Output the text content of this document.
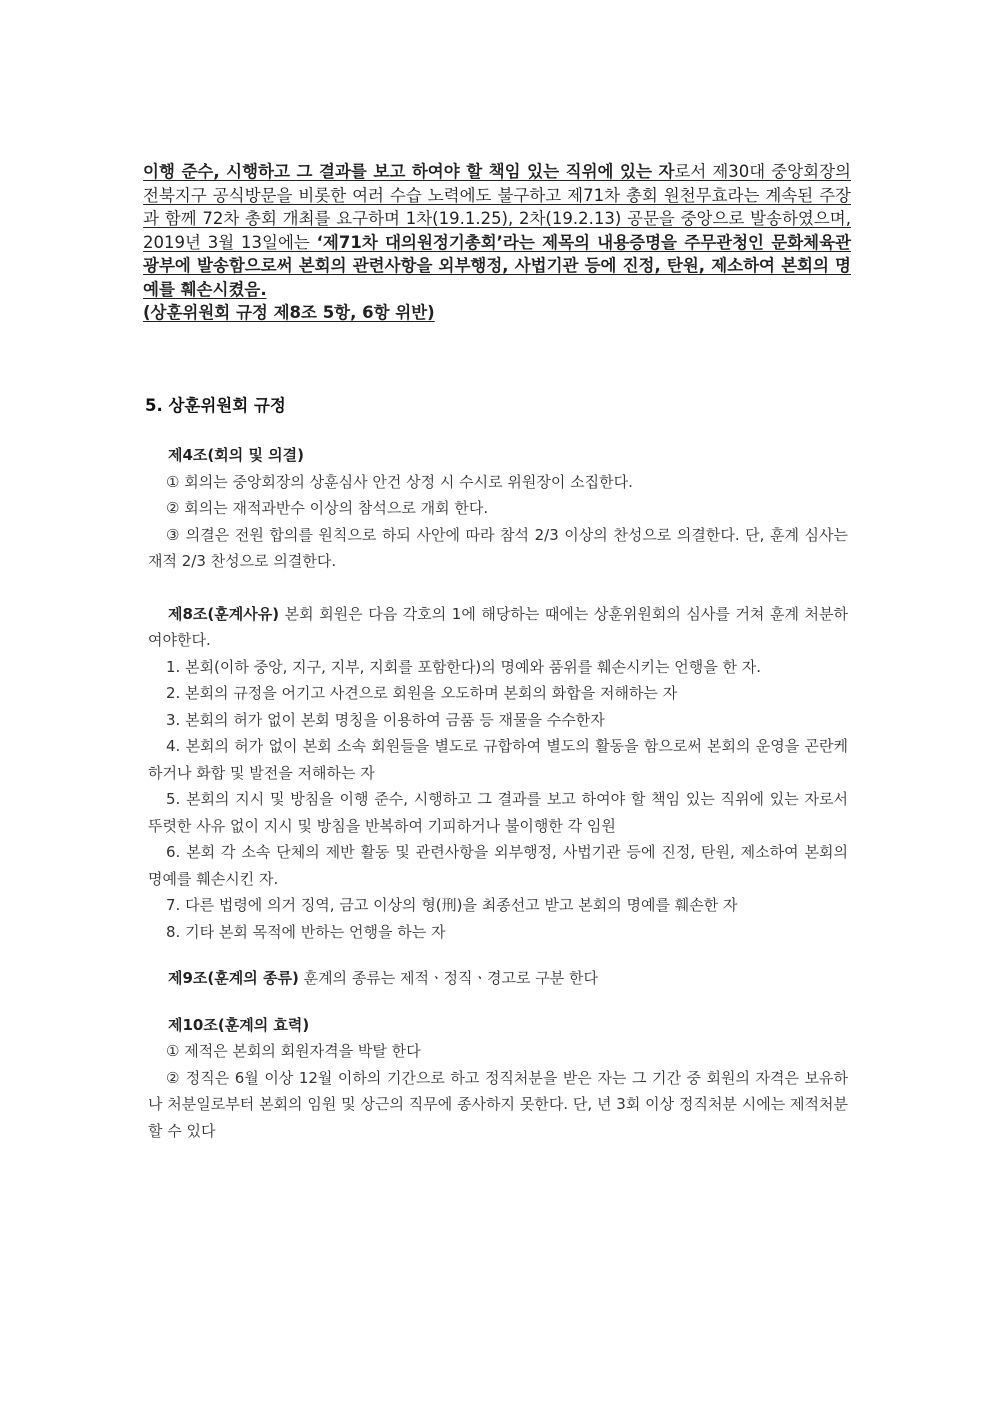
이행 준수, 시행하고 그 결과를 보고 하여야 할 책임 있는 직위에 있는 자로서 제30대 중앙회장의 전북지구 공식방문을 비롯한 여러 수습 노력에도 불구하고 제71차 총회 원천무효라는 계속된 주장과 함께 72차 총회 개최를 요구하며 1차(19.1.25), 2차(19.2.13) 공문을 중앙으로 발송하였으며, 2019년 3월 13일에는 ‘제71차 대의원정기총회’라는 제목의 내용증명을 주무관청인 문화체육관광부에 발송함으로써 본회의 관련사항을 외부행정, 사법기관 등에 진정, 탄원, 제소하여 본회의 명예를 훼손시켰음.
(상훈위원회 규정 제8조 5항, 6항 위반)
5. 상훈위원회 규정

제4조(회의 및 의결)

① 회의는 중앙회장의 상훈심사 안건 상정 시 수시로 위원장이 소집한다.

② 회의는 재적과반수 이상의 참석으로 개회 한다.

③ 의결은 전원 합의를 원칙으로 하되 사안에 따라 참석 2/3 이상의 찬성으로 의결한다. 단, 훈계 심사는 재적 2/3 찬성으로 의결한다.

제8조(훈계사유) 본회 회원은 다음 각호의 1에 해당하는 때에는 상훈위원회의 심사를 거쳐 훈계 처분하여야한다.

1. 본회(이하 중앙, 지구, 지부, 지회를 포함한다)의 명예와 품위를 훼손시키는 언행을 한 자.

2. 본회의 규정을 어기고 사견으로 회원을 오도하며 본회의 화합을 저해하는 자

3. 본회의 허가 없이 본회 명칭을 이용하여 금품 등 재물을 수수한자

4. 본회의 허가 없이 본회 소속 회원들을 별도로 규합하여 별도의 활동을 함으로써 본회의 운영을 곤란케 하거나 화합 및 발전을 저해하는 자

5. 본회의 지시 및 방침을 이행 준수, 시행하고 그 결과를 보고 하여야 할 책임 있는 직위에 있는 자로서 뚜렷한 사유 없이 지시 및 방침을 반복하여 기피하거나 불이행한 각 임원

6. 본회 각 소속 단체의 제반 활동 및 관련사항을 외부행정, 사법기관 등에 진정, 탄원, 제소하여 본회의 명예를 훼손시킨 자.

7. 다른 법령에 의거 징역, 금고 이상의 형(刑)을 최종선고 받고 본회의 명예를 훼손한 자

8. 기타 본회 목적에 반하는 언행을 하는 자

제9조(훈계의 종류) 훈계의 종류는 제적ㆍ정직ㆍ경고로 구분 한다

제10조(훈계의 효력)

① 제적은 본회의 회원자격을 박탈 한다

② 정직은 6월 이상 12월 이하의 기간으로 하고 정직처분을 받은 자는 그 기간 중 회원의 자격은 보유하나 처분일로부터 본회의 임원 및 상근의 직무에 종사하지 못한다. 단, 년 3회 이상 정직처분 시에는 제적처분 할 수 있다
